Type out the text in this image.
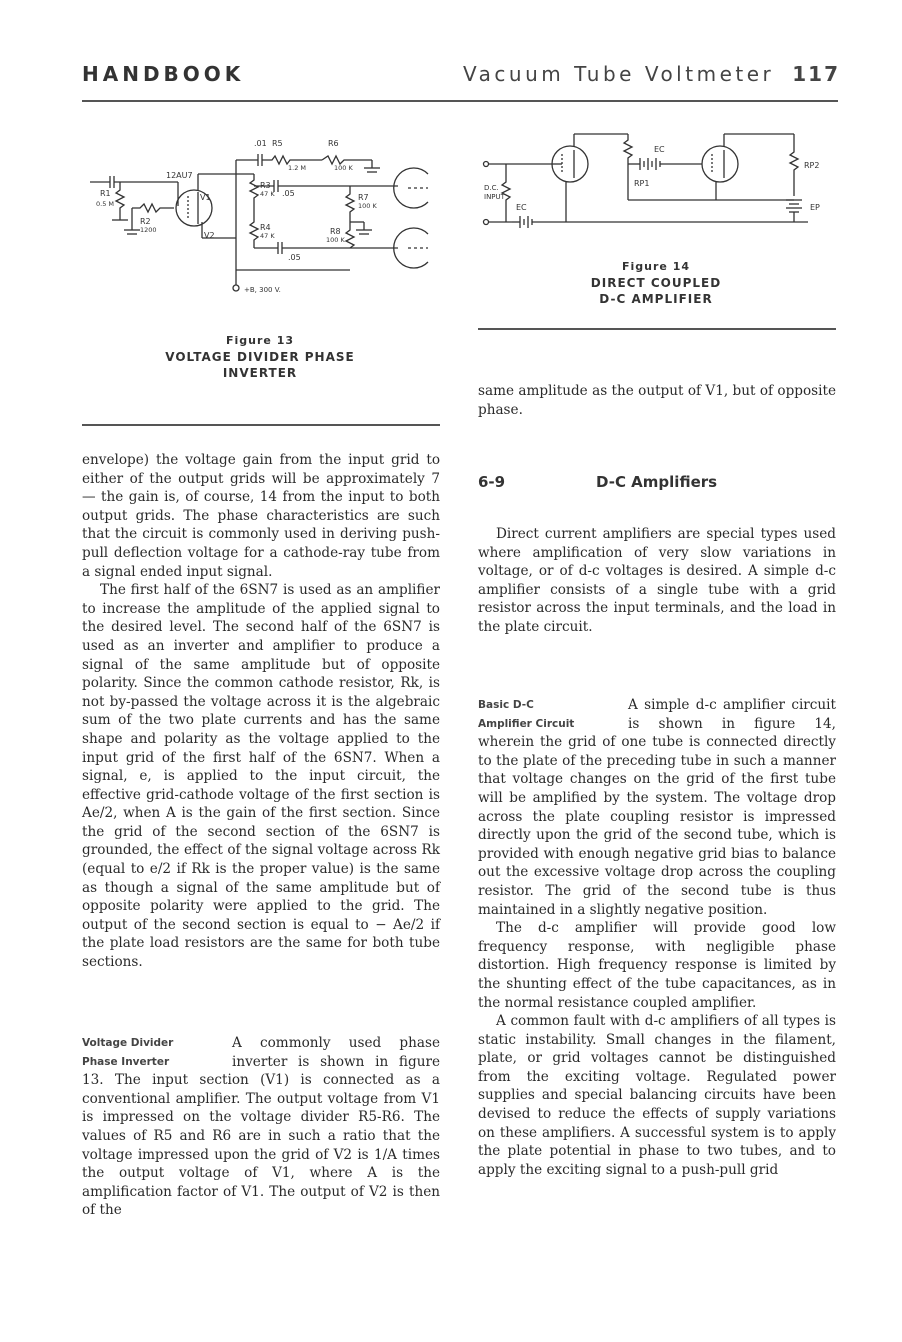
HANDBOOK	Vacuum Tube Voltmeter 117
.01 R5	R6
1.2 M	100 K
12AU7
V1
V2
R1
0.5 M
R2
1200
R3
47 K .05
R4
47 K
.05
R7
100 K
R8
100 K
+B, 300 V.
Figure 13
VOLTAGE DIVIDER PHASE
INVERTER
EC
RP1
RP2
EP
D.C.
INPUT
EC
Figure 14
DIRECT COUPLED
D-C AMPLIFIER

envelope) the voltage gain from the input grid to either of the output grids will be approximately 7 — the gain is, of course, 14 from the input to both output grids. The phase characteristics are such that the circuit is commonly used in deriving push-pull deflection voltage for a cathode-ray tube from a signal ended input signal.

The first half of the 6SN7 is used as an amplifier to increase the amplitude of the applied signal to the desired level. The second half of the 6SN7 is used as an inverter and amplifier to produce a signal of the same amplitude but of opposite polarity. Since the common cathode resistor, Rk, is not by-passed the voltage across it is the algebraic sum of the two plate currents and has the same shape and polarity as the voltage applied to the input grid of the first half of the 6SN7. When a signal, e, is applied to the input circuit, the effective grid-cathode voltage of the first section is Ae/2, when A is the gain of the first section. Since the grid of the second section of the 6SN7 is grounded, the effect of the signal voltage across Rk (equal to e/2 if Rk is the proper value) is the same as though a signal of the same amplitude but of opposite polarity were applied to the grid. The output of the second section is equal to − Ae/2 if the plate load resistors are the same for both tube sections.

Voltage Divider
Phase Inverter

A commonly used phase inverter is shown in figure 13. The input section (V1) is connected as a conventional amplifier. The output voltage from V1 is impressed on the voltage divider R5-R6. The values of R5 and R6 are in such a ratio that the voltage impressed upon the grid of V2 is 1/A times the output voltage of V1, where A is the amplification factor of V1. The output of V2 is then of the

same amplitude as the output of V1, but of opposite phase.

6-9	D-C Amplifiers

Direct current amplifiers are special types used where amplification of very slow variations in voltage, or of d-c voltages is desired. A simple d-c amplifier consists of a single tube with a grid resistor across the input terminals, and the load in the plate circuit.

Basic D-C
Amplifier Circuit

A simple d-c amplifier circuit is shown in figure 14, wherein the grid of one tube is connected directly to the plate of the preceding tube in such a manner that voltage changes on the grid of the first tube will be amplified by the system. The voltage drop across the plate coupling resistor is impressed directly upon the grid of the second tube, which is provided with enough negative grid bias to balance out the excessive voltage drop across the coupling resistor. The grid of the second tube is thus maintained in a slightly negative position.

The d-c amplifier will provide good low frequency response, with negligible phase distortion. High frequency response is limited by the shunting effect of the tube capacitances, as in the normal resistance coupled amplifier.

A common fault with d-c amplifiers of all types is static instability. Small changes in the filament, plate, or grid voltages cannot be distinguished from the exciting voltage. Regulated power supplies and special balancing circuits have been devised to reduce the effects of supply variations on these amplifiers. A successful system is to apply the plate potential in phase to two tubes, and to apply the exciting signal to a push-pull grid
